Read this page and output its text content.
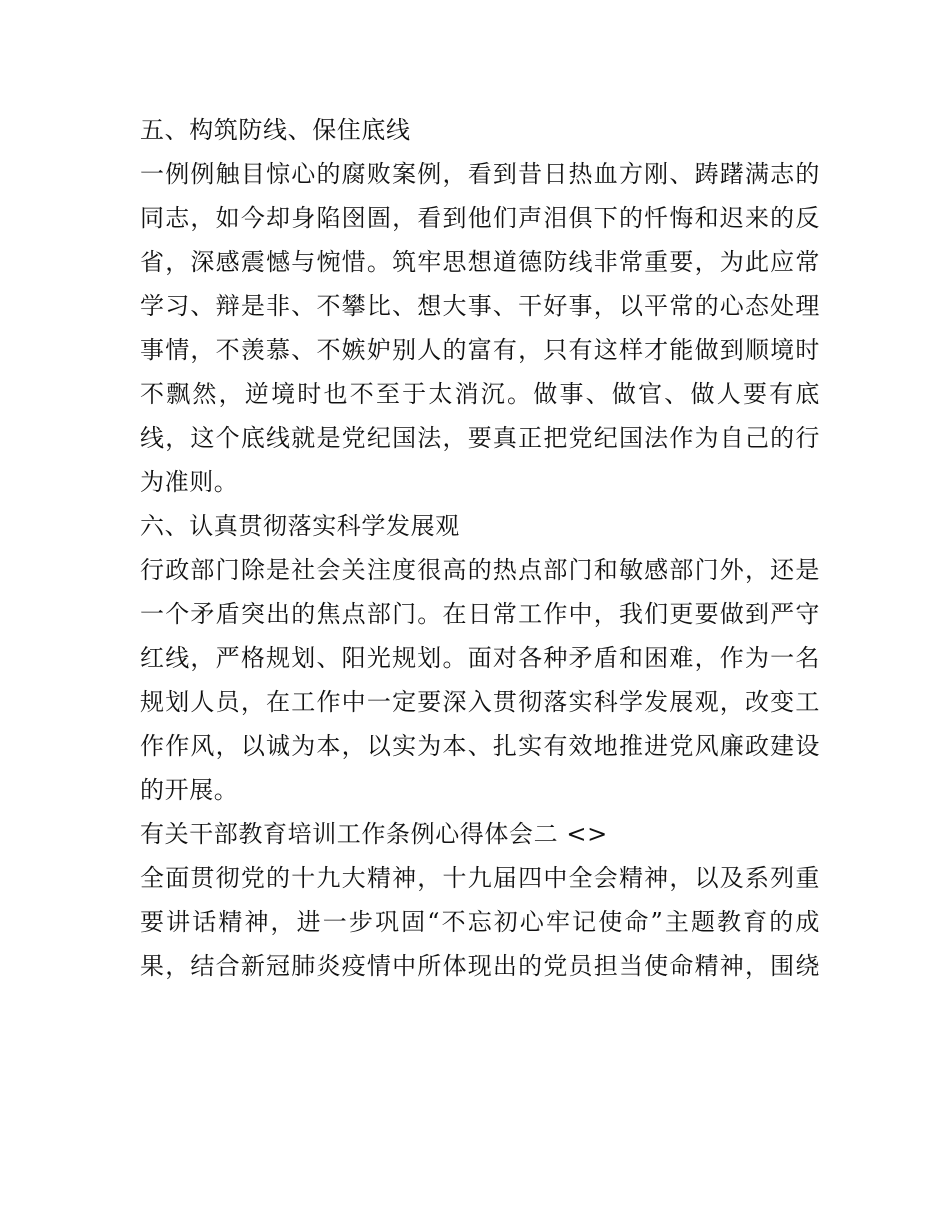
五、构筑防线、保住底线
一例例触目惊心的腐败案例，看到昔日热血方刚、踌躇满志的
同志，如今却身陷囹圄，看到他们声泪俱下的忏悔和迟来的反
省，深感震憾与惋惜。筑牢思想道德防线非常重要，为此应常
学习、辩是非、不攀比、想大事、干好事，以平常的心态处理
事情，不羡慕、不嫉妒别人的富有，只有这样才能做到顺境时
不飘然，逆境时也不至于太消沉。做事、做官、做人要有底
线，这个底线就是党纪国法，要真正把党纪国法作为自己的行
为准则。
六、认真贯彻落实科学发展观
行政部门除是社会关注度很高的热点部门和敏感部门外，还是
一个矛盾突出的焦点部门。在日常工作中，我们更要做到严守
红线，严格规划、阳光规划。面对各种矛盾和困难，作为一名
规划人员，在工作中一定要深入贯彻落实科学发展观，改变工
作作风，以诚为本，以实为本、扎实有效地推进党风廉政建设
的开展。
有关干部教育培训工作条例心得体会二 <>
全面贯彻党的十九大精神，十九届四中全会精神，以及系列重
要讲话精神，进一步巩固“不忘初心牢记使命”主题教育的成
果，结合新冠肺炎疫情中所体现出的党员担当使命精神，围绕
